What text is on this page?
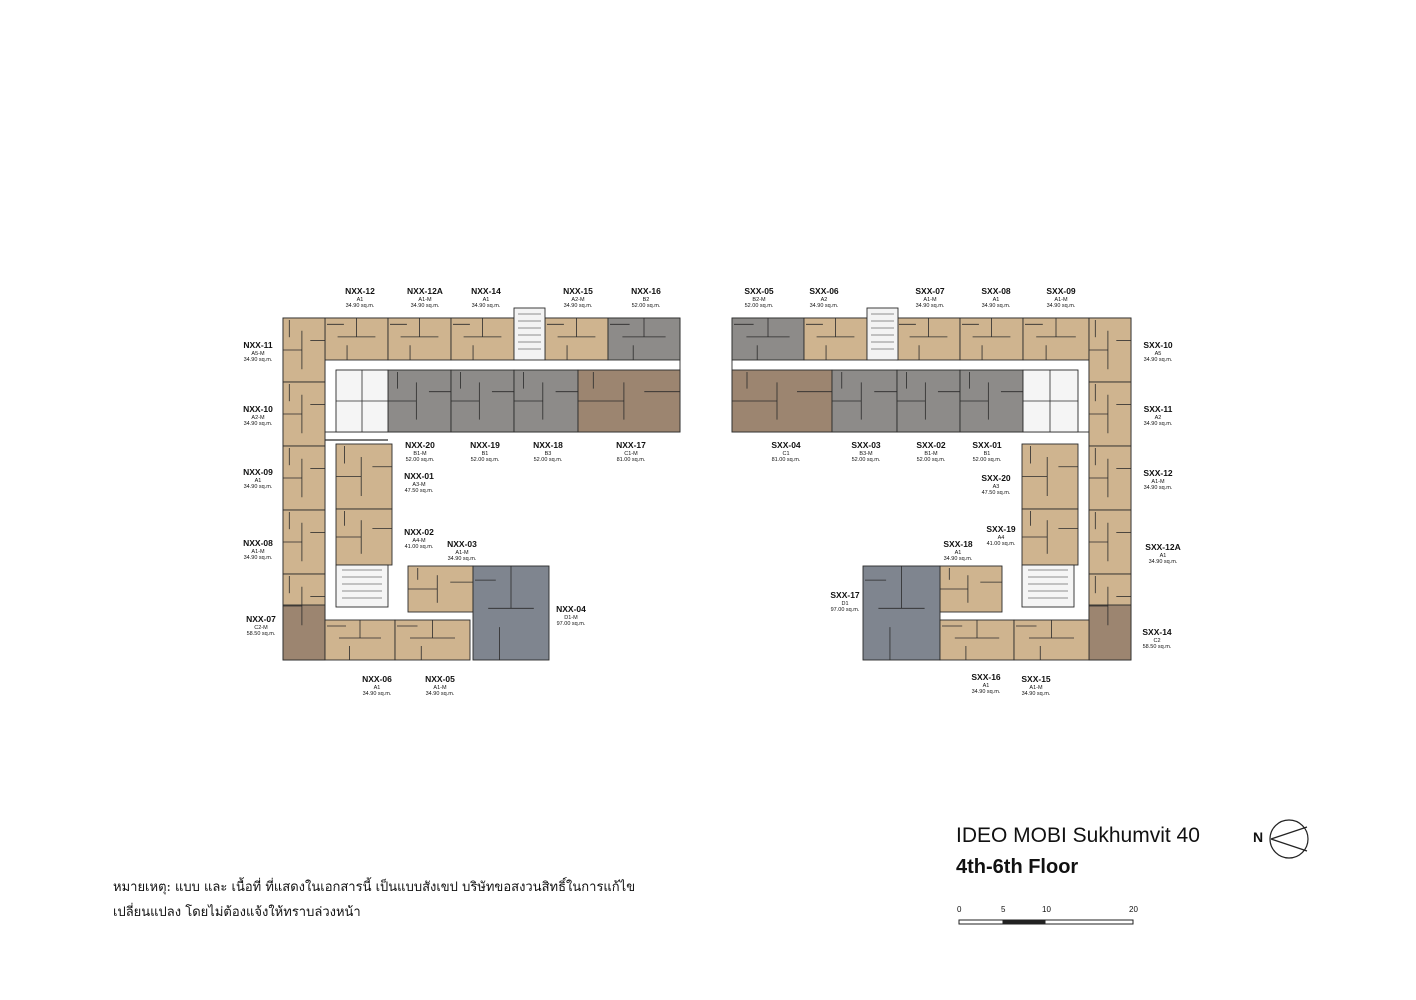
NXX-12
A1
34.90 sq.m.
NXX-12A
A1-M
34.90 sq.m.
NXX-14
A1
34.90 sq.m.
NXX-15
A2-M
34.90 sq.m.
NXX-16
B2
52.00 sq.m.
NXX-11
A5-M
34.90 sq.m.
NXX-10
A2-M
34.90 sq.m.
NXX-09
A1
34.90 sq.m.
NXX-08
A1-M
34.90 sq.m.
NXX-07
C2-M
58.50 sq.m.
NXX-20
B1-M
52.00 sq.m.
NXX-19
B1
52.00 sq.m.
NXX-18
B3
52.00 sq.m.
NXX-17
C1-M
81.00 sq.m.
NXX-01
A3-M
47.50 sq.m.
NXX-02
A4-M
41.00 sq.m. NXX-03
A1-M
34.90 sq.m.
NXX-04
D1-M
97.00 sq.m.
NXX-06
A1
34.90 sq.m.
NXX-05
A1-M
34.90 sq.m.
SXX-05
B2-M
52.00 sq.m.
SXX-06
A2
34.90 sq.m.
SXX-07
A1-M
34.90 sq.m.
SXX-08
A1
34.90 sq.m.
SXX-09
A1-M
34.90 sq.m.
SXX-10
A5
34.90 sq.m.
SXX-11
A2
34.90 sq.m.
SXX-12
A1-M
34.90 sq.m.
SXX-12A
A1
34.90 sq.m.
SXX-14
C2
58.50 sq.m.
SXX-04
C1
81.00 sq.m.
SXX-03
B3-M
52.00 sq.m.
SXX-02
B1-M
52.00 sq.m.
SXX-01
B1
52.00 sq.m.
SXX-20
A3
47.50 sq.m.
SXX-19
A4
41.00 sq.m.
SXX-18
A1
34.90 sq.m.
SXX-17
D1
97.00 sq.m.
SXX-16
A1
34.90 sq.m.
SXX-15
A1-M
34.90 sq.m.
IDEO MOBI Sukhumvit 40
4th-6th Floor
หมายเหตุ: แบบ และ เนื้อที่ ที่แสดงในเอกสารนี้ เป็นแบบสังเขป บริษัทขอสงวนสิทธิ์ในการแก้ไข
เปลี่ยนแปลง โดยไม่ต้องแจ้งให้ทราบล่วงหน้า
N
0	5	10	20
